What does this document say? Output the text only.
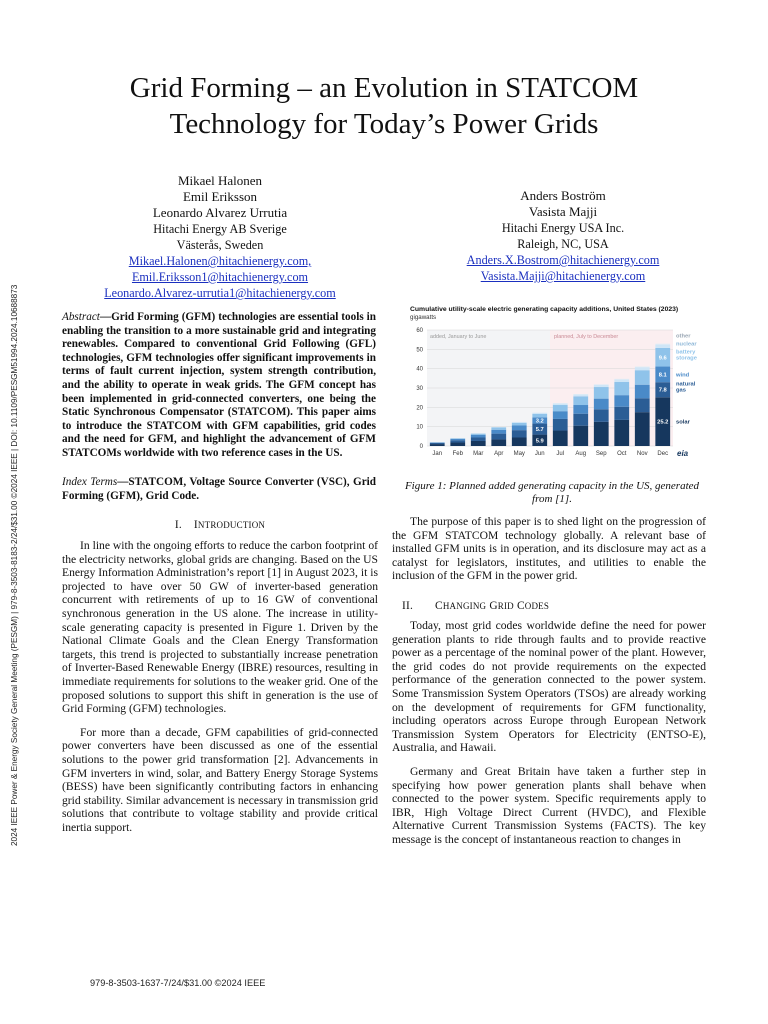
2024 IEEE Power & Energy Society General Meeting (PESGM) | 979-8-3503-8183-2/24/$31.00 ©2024 IEEE | DOI: 10.1109/PESGM51994.2024.10688873
Grid Forming – an Evolution in STATCOM
Technology for Today’s Power Grids
Mikael Halonen
Emil Eriksson
Leonardo Alvarez Urrutia
Hitachi Energy AB Sverige
Västerås, Sweden
Mikael.Halonen@hitachienergy.com,
Emil.Eriksson1@hitachienergy.com
Leonardo.Alvarez-urrutia1@hitachienergy.com
Anders Boström
Vasista Majji
Hitachi Energy USA Inc.
Raleigh, NC, USA
Anders.X.Bostrom@hitachienergy.com
Vasista.Majji@hitachienergy.com
Abstract—Grid Forming (GFM) technologies are essential tools in enabling the transition to a more sustainable grid and integrating renewables. Compared to conventional Grid Following (GFL) technologies, GFM technologies offer significant improvements in terms of fault current injection, system strength contribution, and the ability to operate in weak grids. The GFM concept has been implemented in grid-connected converters, one being the Static Synchronous Compensator (STATCOM). This paper aims to introduce the STATCOM with GFM capabilities, grid codes and the need for GFM, and highlight the advancement of GFM STATCOMs worldwide with two reference cases in the US.
Index Terms—STATCOM, Voltage Source Converter (VSC), Grid Forming (GFM), Grid Code.
I. INTRODUCTION

In line with the ongoing efforts to reduce the carbon footprint of the electricity networks, global grids are changing. Based on the US Energy Information Administration’s report [1] in August 2023, it is projected to have over 50 GW of inverter-based generation concurrent with retirements of up to 16 GW of conventional synchronous generation in the US alone. The increase in utility-scale generating capacity is presented in Figure 1. Driven by the National Climate Goals and the Clean Energy Transformation targets, this trend is projected to substantially increase penetration of Inverter-Based Renewable Energy (IBRE) resources, resulting in immediate requirements for solutions to the weaker grid. One of the proposed solutions to support this shift in generation is the use of Grid Forming (GFM) technologies.

For more than a decade, GFM capabilities of grid-connected power converters have been discussed as one of the essential solutions to the power grid transformation [2]. Advancements in GFM inverters in wind, solar, and Battery Energy Storage Systems (BESS) have been significantly contributing factors in enhancing grid stability. Similar advancement is necessary in transmission grid solutions that contribute to voltage stability and provide critical inertia support.

Cumulative utility-scale electric generating capacity additions, United States (2023)
gigawatts
added, January to June	planned, July to December
0
10
20
30
40
50
60
Jan Feb Mar Apr May Jun Jul Aug Sep Oct Nov Dec
5.9
5.7
3.2	25.2
7.8
8.1
9.6
solar
natural
gas
wind
battery
storage
nuclear
other
eia
Figure 1: Planned added generating capacity in the US, generated from [1].

The purpose of this paper is to shed light on the progression of the GFM STATCOM technology globally. A relevant base of installed GFM units is in operation, and its disclosure may act as a catalyst for legislators, institutes, and utilities to enable the inclusion of the GFM in the power grid.

II. CHANGING GRID CODES

Today, most grid codes worldwide define the need for power generation plants to ride through faults and to provide reactive power as a percentage of the nominal power of the plant. However, the grid codes do not provide requirements on the expected performance of the generation connected to the power system. Some Transmission System Operators (TSOs) are already working on the development of requirements for GFM functionality, including operators across Europe through European Network Transmission System Operators for Electricity (ENTSO-E), Australia, and Hawaii.

Germany and Great Britain have taken a further step in specifying how power generation plants shall behave when connected to the power system. Specific requirements apply to IBR, High Voltage Direct Current (HVDC), and Flexible Alternative Current Transmission Systems (FACTS). The key message is the concept of instantaneous reaction to changes in

979-8-3503-1637-7/24/$31.00 ©2024 IEEE
